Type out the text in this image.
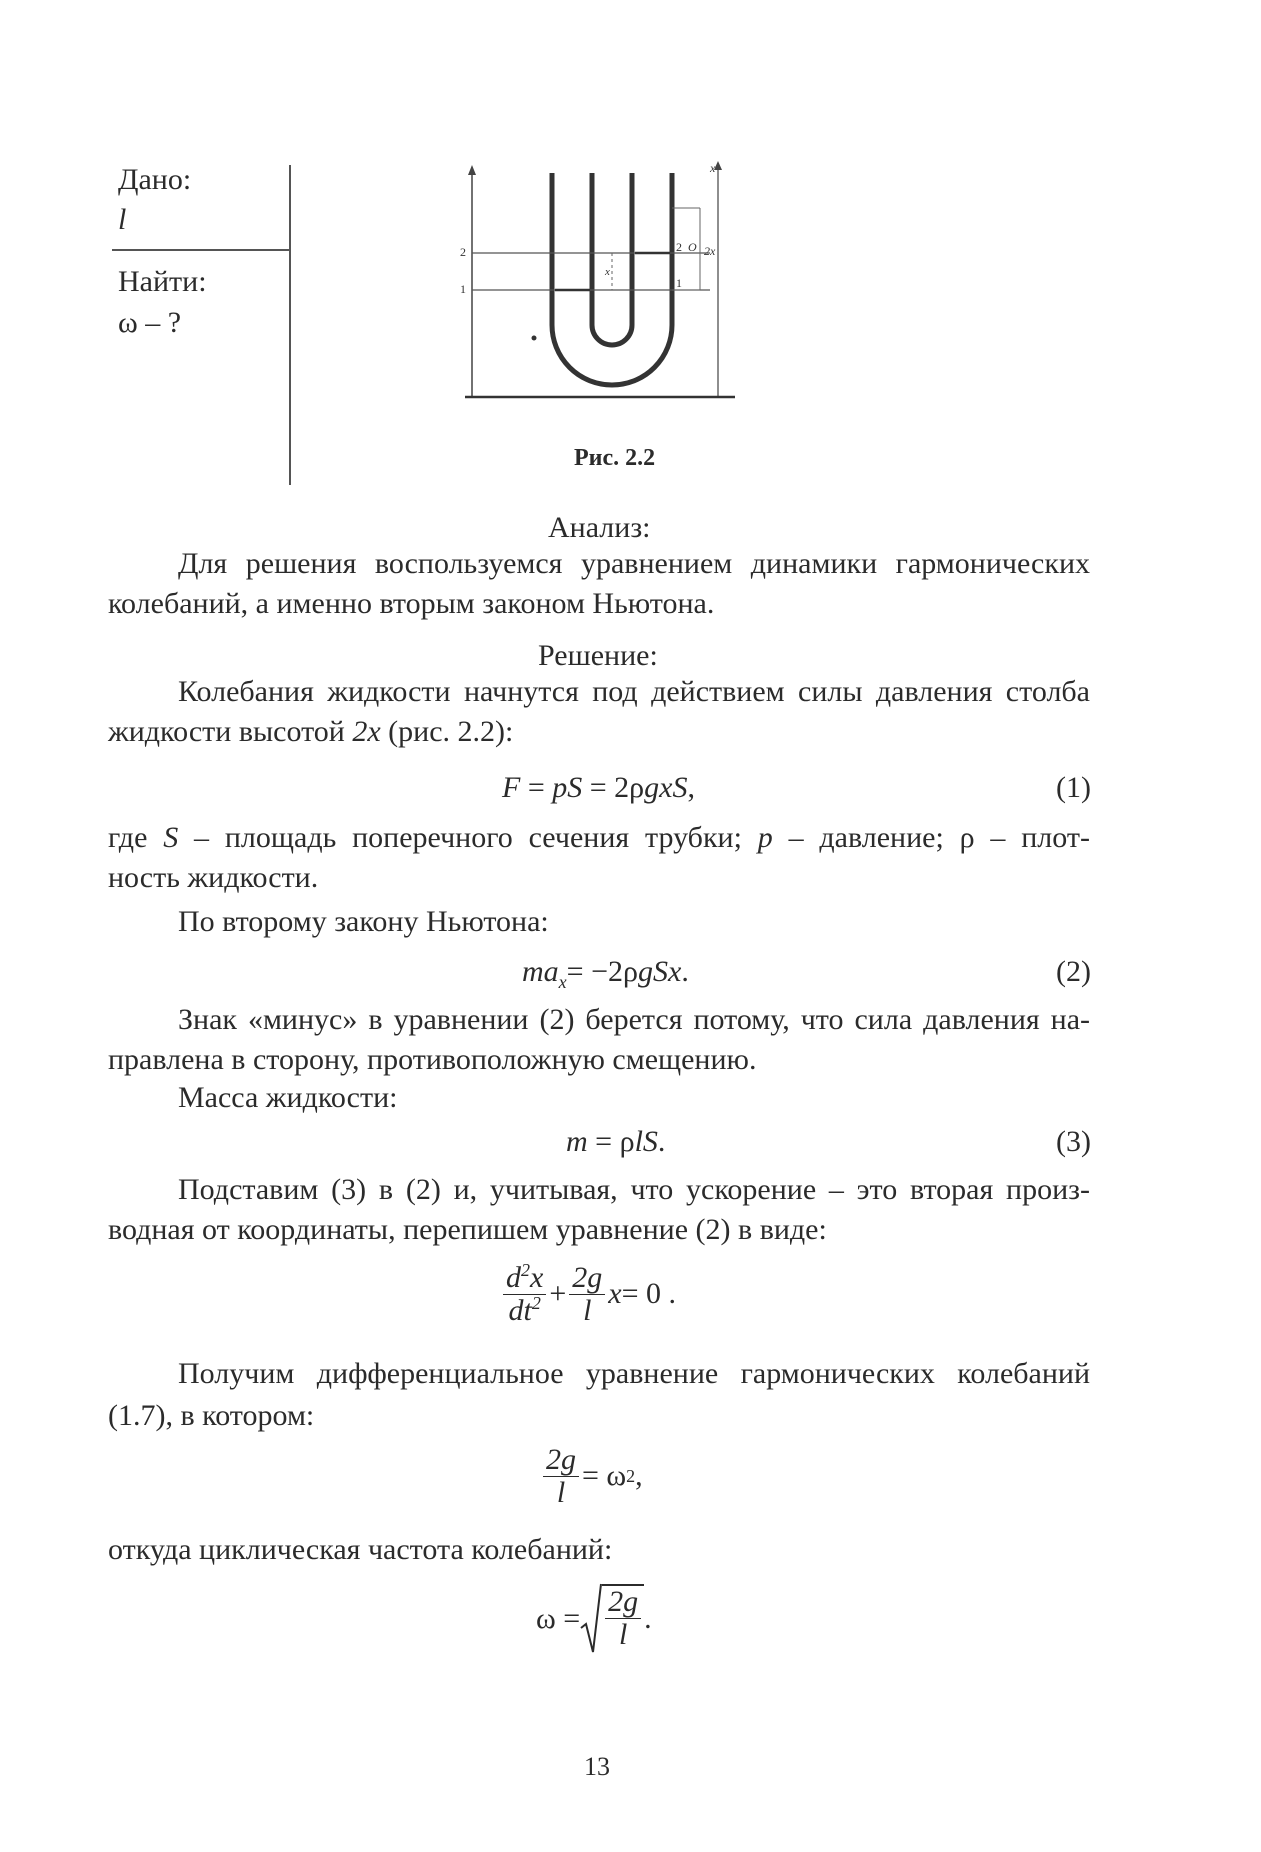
Дано:
l
Найти:
ω – ?
x
2
1
2 O 2x
1
x
Рис. 2.2
Анализ:
Для решения воспользуемся уравнением динамики гармонических
колебаний, а именно вторым законом Ньютона.
Решение:
Колебания жидкости начнутся под действием силы давления столба
жидкости высотой 2x (рис. 2.2):
F = pS = 2ρgxS,	(1)
где S – площадь поперечного сечения трубки; p – давление; ρ – плот-
ность жидкости.
По второму закону Ньютона:
$ma_x= -2\rho gSx$.	(2)
Знак «минус» в уравнении (2) берется потому, что сила давления на-
правлена в сторону, противоположную смещению.
Масса жидкости:
m = ρlS.	(3)
Подставим (3) в (2) и, учитывая, что ускорение – это вторая произ-
водная от координаты, перепишем уравнение (2) в виде:
$\frac{d^2x}{dt^2} + \frac{2g}{l}$ x = 0 .
Получим дифференциальное уравнение гармонических колебаний
(1.7), в котором:
$\frac{2g}{l} = \omega$ 2 ,
откуда циклическая частота колебаний:
$\omega = \frac{2g}{l}$ .
13
